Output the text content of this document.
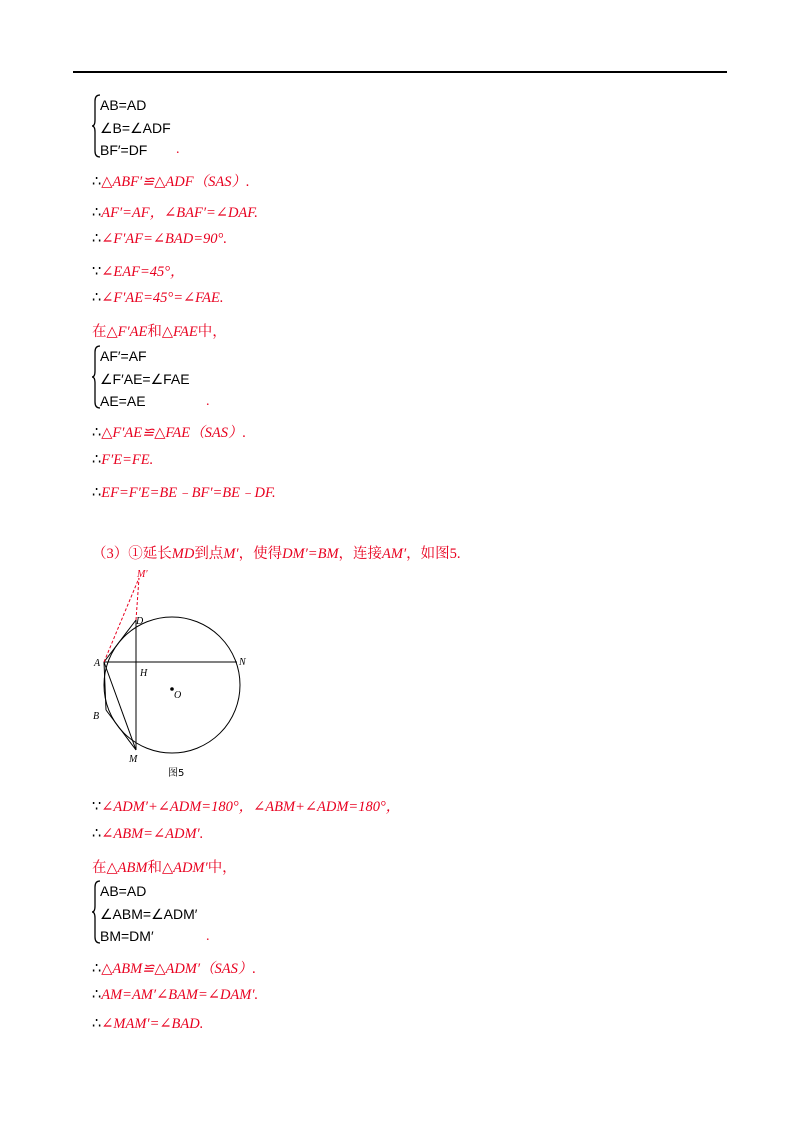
AB=AD
∠B=∠ADF
BF′=DF	.
∴△ABF′≌△ADF（SAS）.
∴AF′=AF，∠BAF′=∠DAF.
∴∠F′AF=∠BAD=90°.
∵∠EAF=45°，
∴∠F′AE=45°=∠FAE.
在△F′AE和△FAE中，
AF′=AF
∠F′AE=∠FAE
AE=AE	.
∴△F′AE≌△FAE（SAS）.
∴F′E=FE.
∴EF=F′E=BE﹣BF′=BE﹣DF.
（3）①延长MD到点M′，使得DM′=BM，连接AM′，如图5.
M′
D
A	N
H
O
B
M
图5
∵∠ADM′+∠ADM=180°，∠ABM+∠ADM=180°，
∴∠ABM=∠ADM′.
在△ABM和△ADM′中，
AB=AD
∠ABM=∠ADM′
BM=DM′	.
∴△ABM≌△ADM′（SAS）.
∴AM=AM′∠BAM=∠DAM′.
∴∠MAM′=∠BAD.
